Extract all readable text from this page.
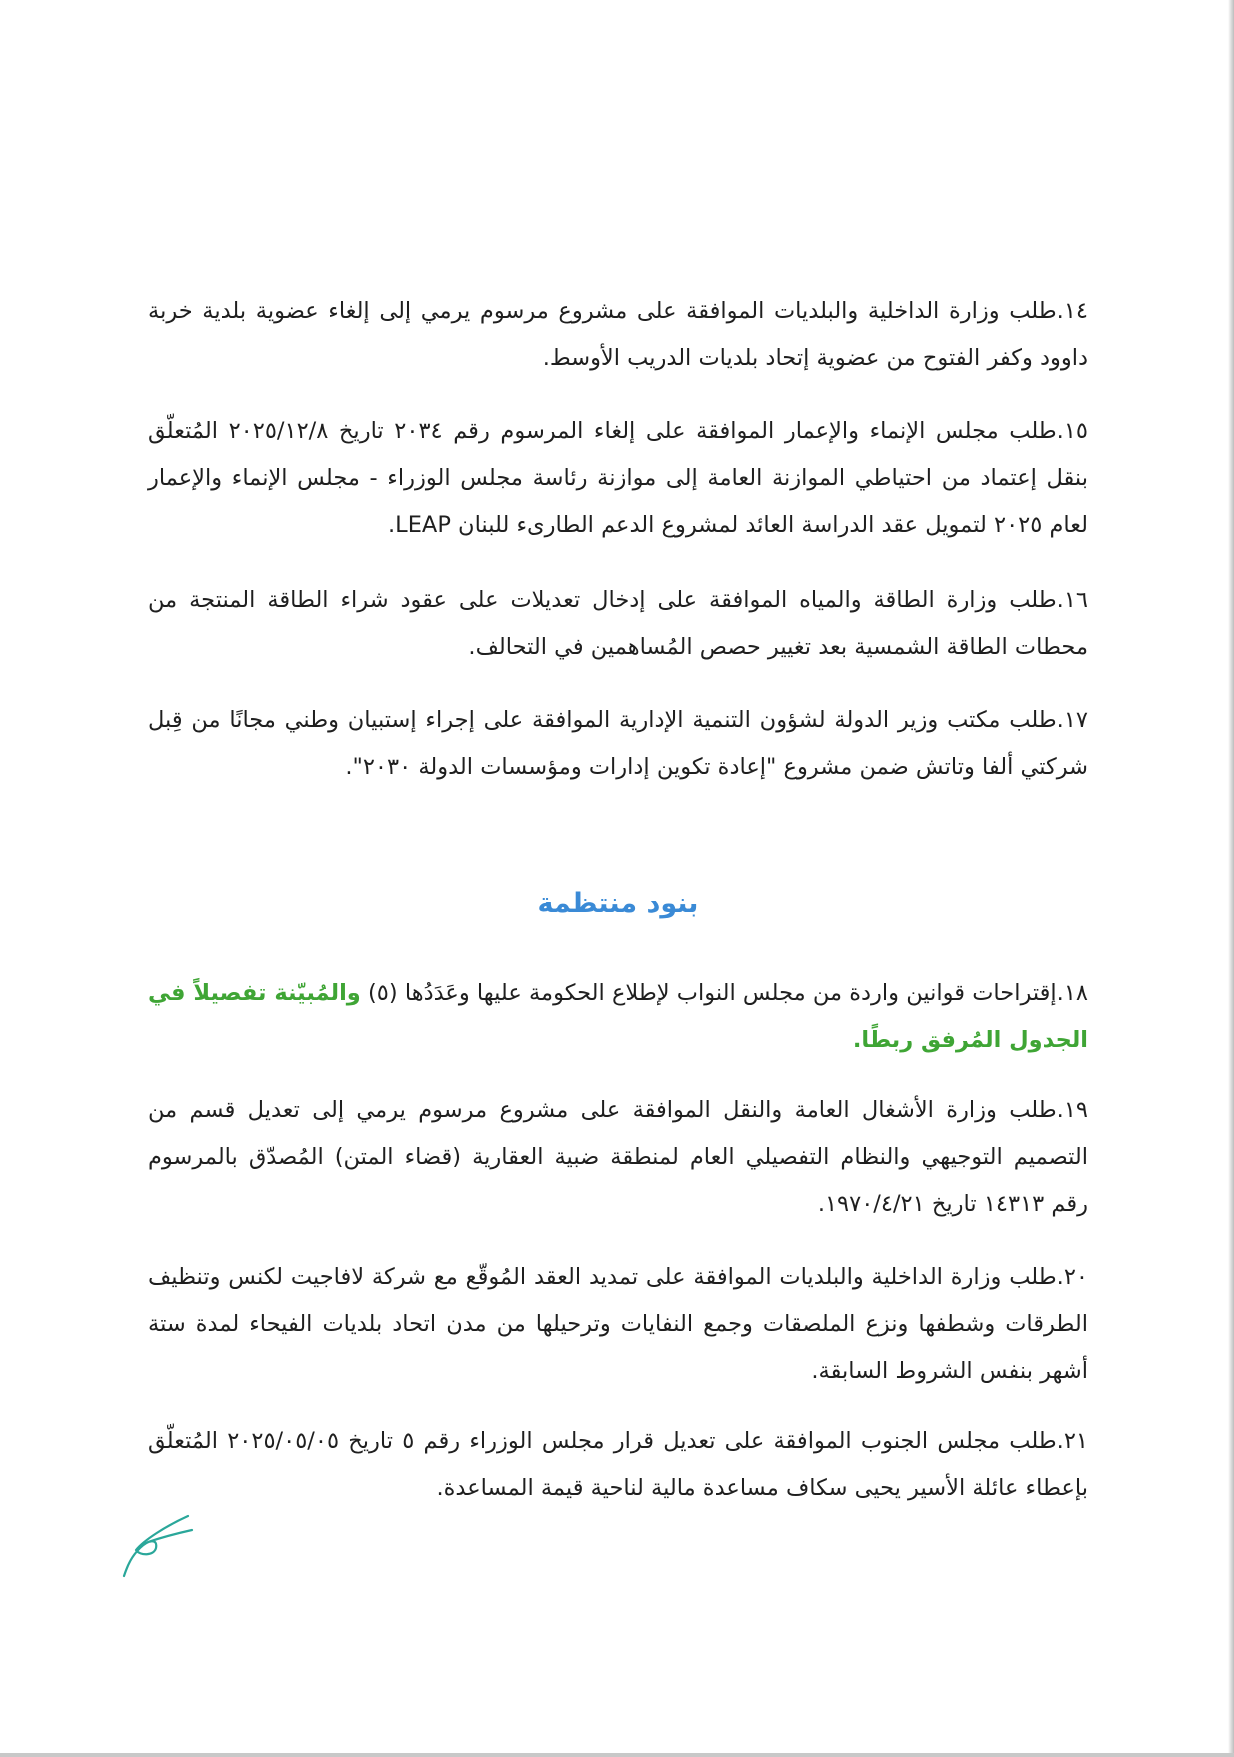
١٤.طلب وزارة الداخلية والبلديات الموافقة على مشروع مرسوم يرمي إلى إلغاء عضوية بلدية خربة داوود وكفر الفتوح من عضوية إتحاد بلديات الدريب الأوسط.

١٥.طلب مجلس الإنماء والإعمار الموافقة على إلغاء المرسوم رقم ٢٠٣٤ تاريخ ٢٠٢٥/١٢/٨ المُتعلّق بنقل إعتماد من احتياطي الموازنة العامة إلى موازنة رئاسة مجلس الوزراء - مجلس الإنماء والإعمار لعام ٢٠٢٥ لتمويل عقد الدراسة العائد لمشروع الدعم الطارىء للبنان LEAP.

١٦.طلب وزارة الطاقة والمياه الموافقة على إدخال تعديلات على عقود شراء الطاقة المنتجة من محطات الطاقة الشمسية بعد تغيير حصص المُساهمين في التحالف.

١٧.طلب مكتب وزير الدولة لشؤون التنمية الإدارية الموافقة على إجراء إستبيان وطني مجانًا من قِبل شركتي ألفا وتاتش ضمن مشروع "إعادة تكوين إدارات ومؤسسات الدولة ٢٠٣٠".

بنود منتظمة

١٨.إقتراحات قوانين واردة من مجلس النواب لإطلاع الحكومة عليها وعَدَدُها (٥) والمُبيّنة تفصيلاً في الجدول المُرفق ربطًا.

١٩.طلب وزارة الأشغال العامة والنقل الموافقة على مشروع مرسوم يرمي إلى تعديل قسم من التصميم التوجيهي والنظام التفصيلي العام لمنطقة ضبية العقارية (قضاء المتن) المُصدّق بالمرسوم رقم ١٤٣١٣ تاريخ ١٩٧٠/٤/٢١.

٢٠.طلب وزارة الداخلية والبلديات الموافقة على تمديد العقد المُوقّع مع شركة لافاجيت لكنس وتنظيف الطرقات وشطفها ونزع الملصقات وجمع النفايات وترحيلها من مدن اتحاد بلديات الفيحاء لمدة ستة أشهر بنفس الشروط السابقة.

٢١.طلب مجلس الجنوب الموافقة على تعديل قرار مجلس الوزراء رقم ٥ تاريخ ٢٠٢٥/٠٥/٠٥ المُتعلّق بإعطاء عائلة الأسير يحيى سكاف مساعدة مالية لناحية قيمة المساعدة.
